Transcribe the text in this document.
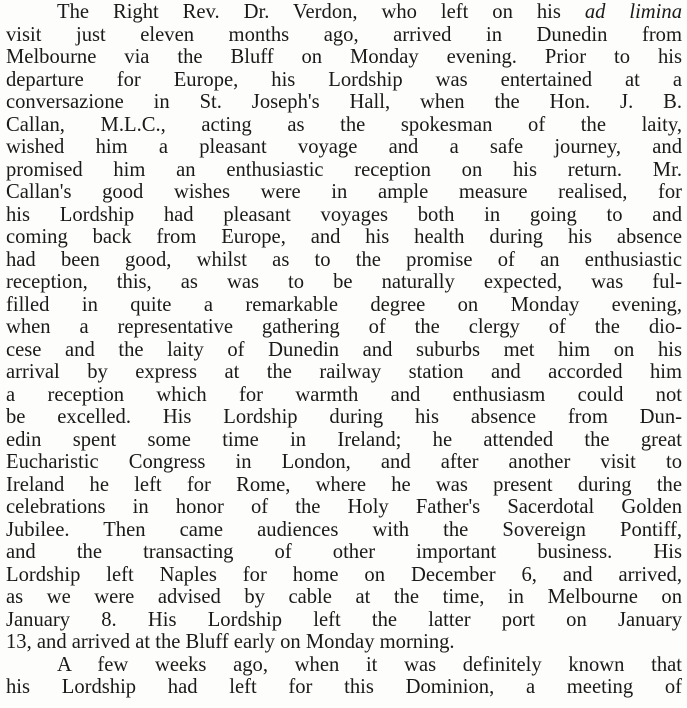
The Right Rev. Dr. Verdon, who left on his ad limina
visit just eleven months ago, arrived in Dunedin from
Melbourne via the Bluff on Monday evening. Prior to his
departure for Europe, his Lordship was entertained at a
conversazione in St. Joseph's Hall, when the Hon. J. B.
Callan, M.L.C., acting as the spokesman of the laity,
wished him a pleasant voyage and a safe journey, and
promised him an enthusiastic reception on his return. Mr.
Callan's good wishes were in ample measure realised, for
his Lordship had pleasant voyages both in going to and
coming back from Europe, and his health during his absence
had been good, whilst as to the promise of an enthusiastic
reception, this, as was to be naturally expected, was ful-
filled in quite a remarkable degree on Monday evening,
when a representative gathering of the clergy of the dio-
cese and the laity of Dunedin and suburbs met him on his
arrival by express at the railway station and accorded him
a reception which for warmth and enthusiasm could not
be excelled. His Lordship during his absence from Dun-
edin spent some time in Ireland; he attended the great
Eucharistic Congress in London, and after another visit to
Ireland he left for Rome, where he was present during the
celebrations in honor of the Holy Father's Sacerdotal Golden
Jubilee. Then came audiences with the Sovereign Pontiff,
and the transacting of other important business. His
Lordship left Naples for home on December 6, and arrived,
as we were advised by cable at the time, in Melbourne on
January 8. His Lordship left the latter port on January
13, and arrived at the Bluff early on Monday morning.
A few weeks ago, when it was definitely known that
his Lordship had left for this Dominion, a meeting of
